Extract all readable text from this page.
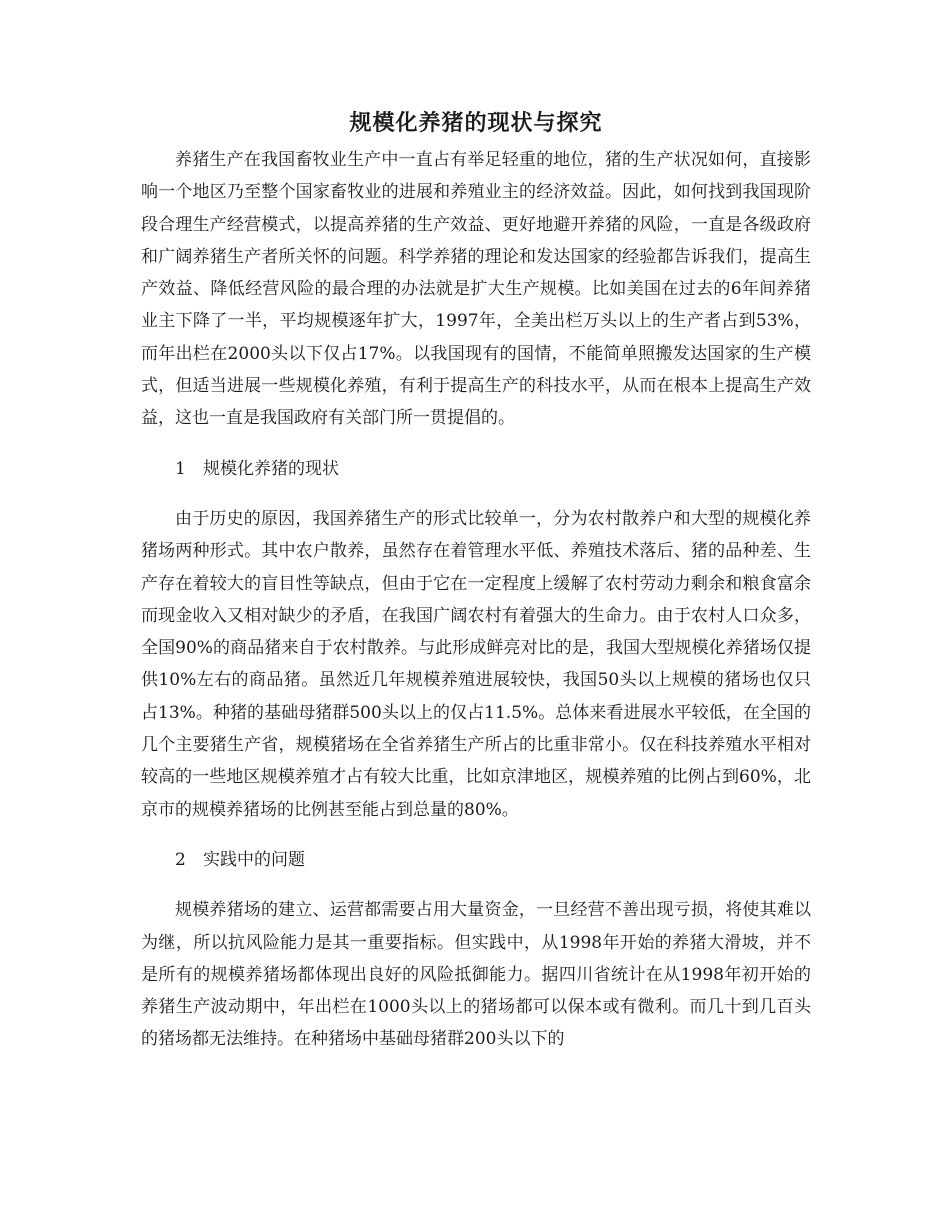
规模化养猪的现状与探究

养猪生产在我国畜牧业生产中一直占有举足轻重的地位，猪的生产状况如何，直接影响一个地区乃至整个国家畜牧业的进展和养殖业主的经济效益。因此，如何找到我国现阶段合理生产经营模式，以提高养猪的生产效益、更好地避开养猪的风险，一直是各级政府和广阔养猪生产者所关怀的问题。科学养猪的理论和发达国家的经验都告诉我们，提高生产效益、降低经营风险的最合理的办法就是扩大生产规模。比如美国在过去的6年间养猪业主下降了一半，平均规模逐年扩大，1997年，全美出栏万头以上的生产者占到53%，而年出栏在2000头以下仅占17%。以我国现有的国情，不能简单照搬发达国家的生产模式，但适当进展一些规模化养殖，有利于提高生产的科技水平，从而在根本上提高生产效益，这也一直是我国政府有关部门所一贯提倡的。

1 规模化养猪的现状

由于历史的原因，我国养猪生产的形式比较单一，分为农村散养户和大型的规模化养猪场两种形式。其中农户散养，虽然存在着管理水平低、养殖技术落后、猪的品种差、生产存在着较大的盲目性等缺点，但由于它在一定程度上缓解了农村劳动力剩余和粮食富余而现金收入又相对缺少的矛盾，在我国广阔农村有着强大的生命力。由于农村人口众多，全国90%的商品猪来自于农村散养。与此形成鲜亮对比的是，我国大型规模化养猪场仅提供10%左右的商品猪。虽然近几年规模养殖进展较快，我国50头以上规模的猪场也仅只占13%。种猪的基础母猪群500头以上的仅占11.5%。总体来看进展水平较低，在全国的几个主要猪生产省，规模猪场在全省养猪生产所占的比重非常小。仅在科技养殖水平相对较高的一些地区规模养殖才占有较大比重，比如京津地区，规模养殖的比例占到60%，北京市的规模养猪场的比例甚至能占到总量的80%。

2 实践中的问题

规模养猪场的建立、运营都需要占用大量资金，一旦经营不善出现亏损，将使其难以为继，所以抗风险能力是其一重要指标。但实践中，从1998年开始的养猪大滑坡，并不是所有的规模养猪场都体现出良好的风险抵御能力。据四川省统计在从1998年初开始的养猪生产波动期中，年出栏在1000头以上的猪场都可以保本或有微利。而几十到几百头的猪场都无法维持。在种猪场中基础母猪群200头以下的
